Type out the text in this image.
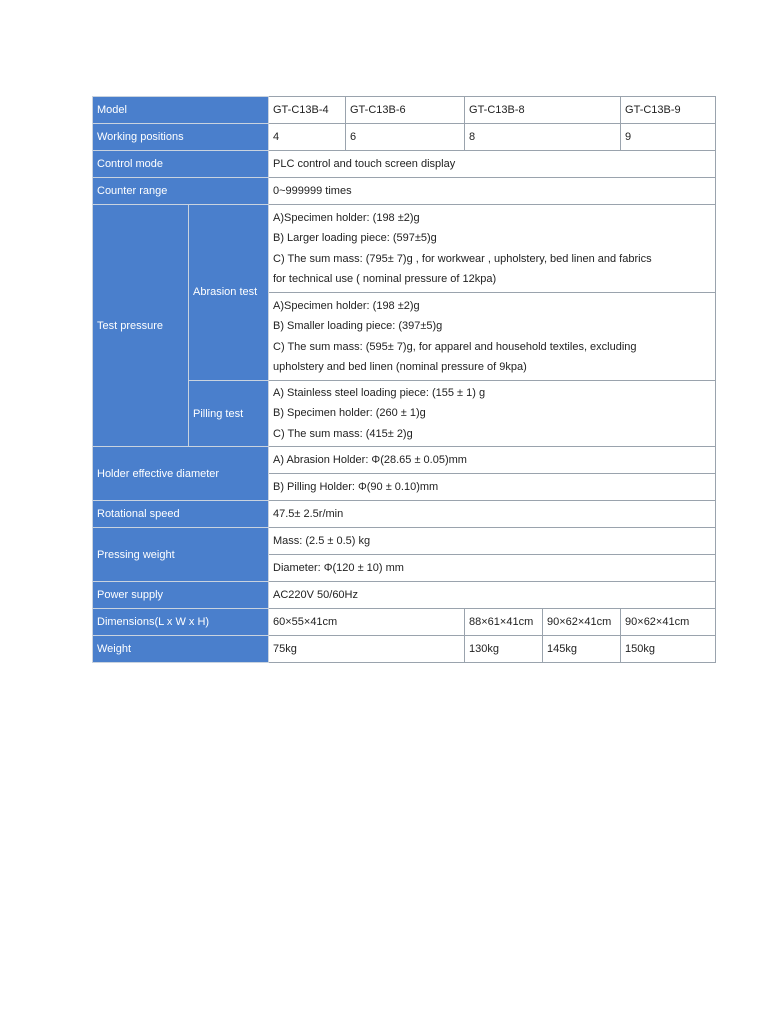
Model		GT-C13B-4	GT-C13B-6	GT-C13B-8		GT-C13B-9
Working positions		4	6	8		9
Control mode		PLC control and touch screen display				
Counter range		0~999999 times				
Test pressure	Abrasion test	A)Specimen holder: (198 ±2)g
B) Larger loading piece: (597±5)g
C) The sum mass: (795± 7)g , for workwear , upholstery, bed linen and fabrics
for technical use ( nominal pressure of 12kpa)				

		A)Specimen holder: (198 ±2)g
B) Smaller loading piece: (397±5)g
C) The sum mass: (595± 7)g, for apparel and household textiles, excluding
upholstery and bed linen (nominal pressure of 9kpa)				

	Pilling test	A) Stainless steel loading piece: (155 ± 1) g
B) Specimen holder: (260 ± 1)g
C) The sum mass: (415± 2)g				

Holder effective diameter		A) Abrasion Holder: Φ(28.65 ± 0.05)mm				
		B) Pilling Holder: Φ(90 ± 0.10)mm				
Rotational speed		47.5± 2.5r/min				
Pressing weight		Mass: (2.5 ± 0.5) kg				
		Diameter: Φ(120 ± 10) mm				
Power supply		AC220V 50/60Hz				
Dimensions(L x W x H)		60×55×41cm		88×61×41cm	90×62×41cm	90×62×41cm
Weight		75kg		130kg	145kg	150kg
